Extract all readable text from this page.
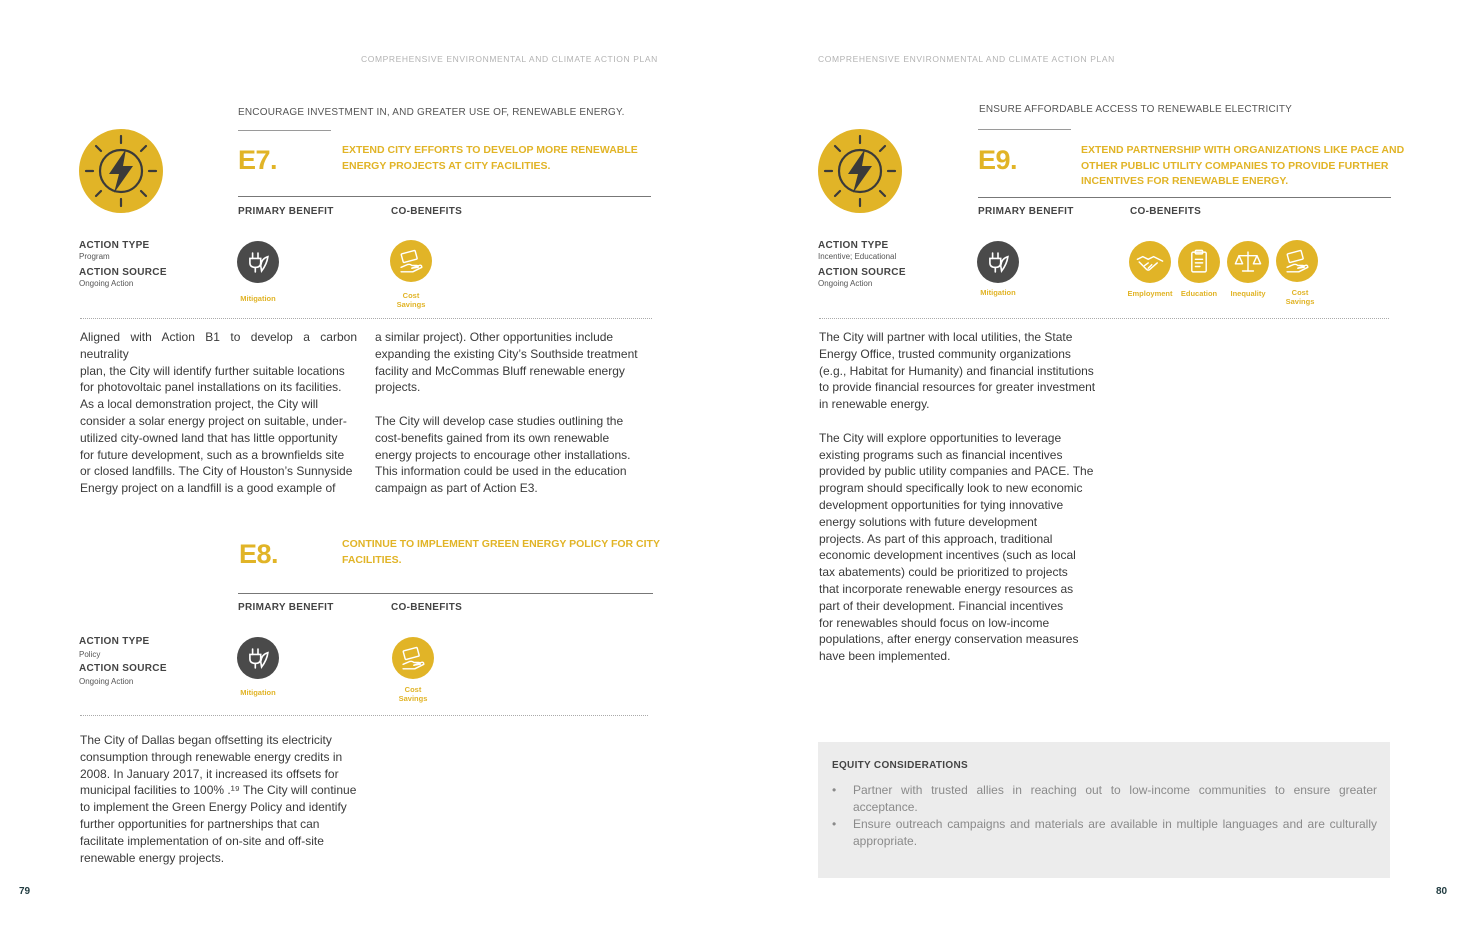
COMPREHENSIVE ENVIRONMENTAL AND CLIMATE ACTION PLAN
ENCOURAGE INVESTMENT IN, AND GREATER USE OF, RENEWABLE ENERGY.
E7.	EXTEND CITY EFFORTS TO DEVELOP MORE RENEWABLE
ENERGY PROJECTS AT CITY FACILITIES.
PRIMARY BENEFIT	CO-BENEFITS
ACTION TYPE
Program
ACTION SOURCE
Ongoing Action
Mitigation	Cost
Savings
Aligned with Action B1 to develop a carbon neutrality
plan, the City will identify further suitable locations
for photovoltaic panel installations on its facilities.
As a local demonstration project, the City will
consider a solar energy project on suitable, under-
utilized city-owned land that has little opportunity
for future development, such as a brownfields site
or closed landfills. The City of Houston’s Sunnyside
Energy project on a landfill is a good example of
a similar project). Other opportunities include
expanding the existing City’s Southside treatment
facility and McCommas Bluff renewable energy
projects.
The City will develop case studies outlining the
cost-benefits gained from its own renewable
energy projects to encourage other installations.
This information could be used in the education
campaign as part of Action E3.
E8.	CONTINUE TO IMPLEMENT GREEN ENERGY POLICY FOR CITY
FACILITIES.
PRIMARY BENEFIT	CO-BENEFITS
ACTION TYPE
Policy
ACTION SOURCE
Ongoing Action
Mitigation	Cost
Savings
The City of Dallas began offsetting its electricity
consumption through renewable energy credits in
2008. In January 2017, it increased its offsets for
municipal facilities to 100% .¹⁹ The City will continue
to implement the Green Energy Policy and identify
further opportunities for partnerships that can
facilitate implementation of on-site and off-site
renewable energy projects.
79
COMPREHENSIVE ENVIRONMENTAL AND CLIMATE ACTION PLAN
ENSURE AFFORDABLE ACCESS TO RENEWABLE ELECTRICITY
E9.	EXTEND PARTNERSHIP WITH ORGANIZATIONS LIKE PACE AND
OTHER PUBLIC UTILITY COMPANIES TO PROVIDE FURTHER
INCENTIVES FOR RENEWABLE ENERGY.
PRIMARY BENEFIT	CO-BENEFITS
ACTION TYPE
Incentive; Educational
ACTION SOURCE
Ongoing Action
Mitigation	Employment	Education	Inequality	Cost
Savings
The City will partner with local utilities, the State
Energy Office, trusted community organizations
(e.g., Habitat for Humanity) and financial institutions
to provide financial resources for greater investment
in renewable energy.
The City will explore opportunities to leverage
existing programs such as financial incentives
provided by public utility companies and PACE. The
program should specifically look to new economic
development opportunities for tying innovative
energy solutions with future development
projects. As part of this approach, traditional
economic development incentives (such as local
tax abatements) could be prioritized to projects
that incorporate renewable energy resources as
part of their development. Financial incentives
for renewables should focus on low-income
populations, after energy conservation measures
have been implemented.
EQUITY CONSIDERATIONS
• Partner with trusted allies in reaching out to low-income communities to ensure greater acceptance.
• Ensure outreach campaigns and materials are available in multiple languages and are culturally appropriate.
80
